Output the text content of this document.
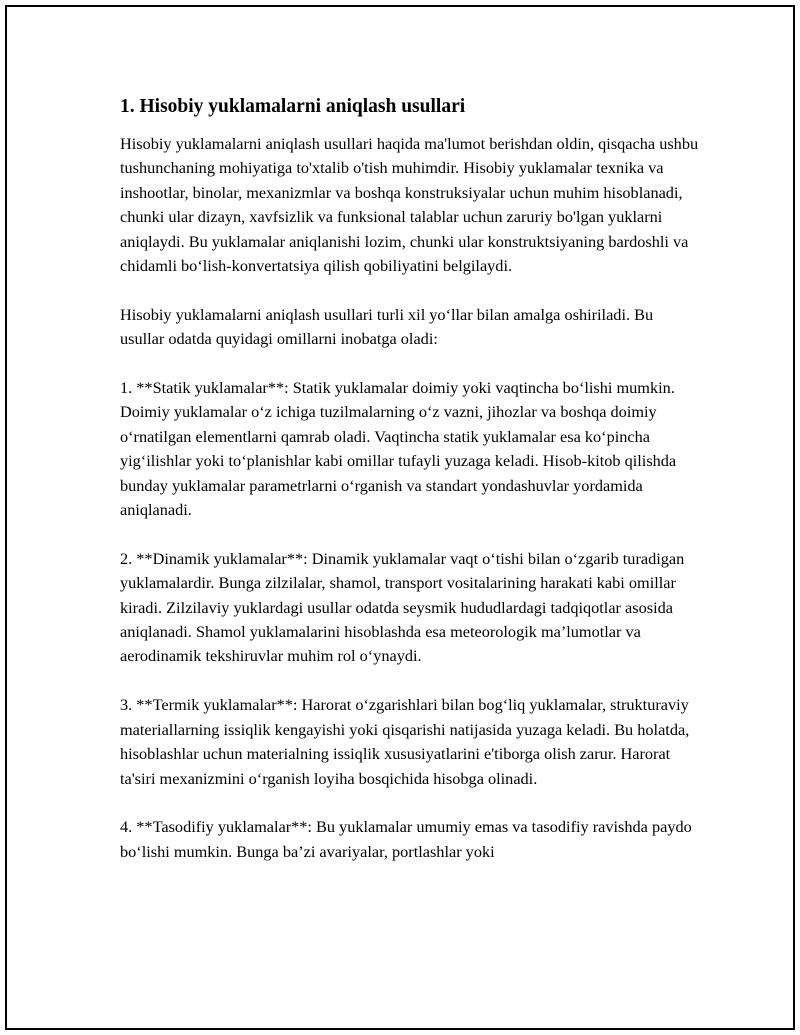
1. Hisobiy yuklamalarni aniqlash usullari

Hisobiy yuklamalarni aniqlash usullari haqida ma'lumot berishdan oldin, qisqacha ushbu tushunchaning mohiyatiga to'xtalib o'tish muhimdir. Hisobiy yuklamalar texnika va inshootlar, binolar, mexanizmlar va boshqa konstruksiyalar uchun muhim hisoblanadi, chunki ular dizayn, xavfsizlik va funksional talablar uchun zaruriy bo'lgan yuklarni aniqlaydi. Bu yuklamalar aniqlanishi lozim, chunki ular konstruktsiyaning bardoshli va chidamli bo‘lish-konvertatsiya qilish qobiliyatini belgilaydi.

Hisobiy yuklamalarni aniqlash usullari turli xil yo‘llar bilan amalga oshiriladi. Bu usullar odatda quyidagi omillarni inobatga oladi:

1. **Statik yuklamalar**: Statik yuklamalar doimiy yoki vaqtincha bo‘lishi mumkin. Doimiy yuklamalar o‘z ichiga tuzilmalarning o‘z vazni, jihozlar va boshqa doimiy o‘rnatilgan elementlarni qamrab oladi. Vaqtincha statik yuklamalar esa ko‘pincha yig‘ilishlar yoki to‘planishlar kabi omillar tufayli yuzaga keladi. Hisob-kitob qilishda bunday yuklamalar parametrlarni o‘rganish va standart yondashuvlar yordamida aniqlanadi.

2. **Dinamik yuklamalar**: Dinamik yuklamalar vaqt o‘tishi bilan o‘zgarib turadigan yuklamalardir. Bunga zilzilalar, shamol, transport vositalarining harakati kabi omillar kiradi. Zilzilaviy yuklardagi usullar odatda seysmik hududlardagi tadqiqotlar asosida aniqlanadi. Shamol yuklamalarini hisoblashda esa meteorologik ma’lumotlar va aerodinamik tekshiruvlar muhim rol o‘ynaydi.

3. **Termik yuklamalar**: Harorat o‘zgarishlari bilan bog‘liq yuklamalar, strukturaviy materiallarning issiqlik kengayishi yoki qisqarishi natijasida yuzaga keladi. Bu holatda, hisoblashlar uchun materialning issiqlik xususiyatlarini e'tiborga olish zarur. Harorat ta'siri mexanizmini o‘rganish loyiha bosqichida hisobga olinadi.

4. **Tasodifiy yuklamalar**: Bu yuklamalar umumiy emas va tasodifiy ravishda paydo bo‘lishi mumkin. Bunga ba’zi avariyalar, portlashlar yoki
